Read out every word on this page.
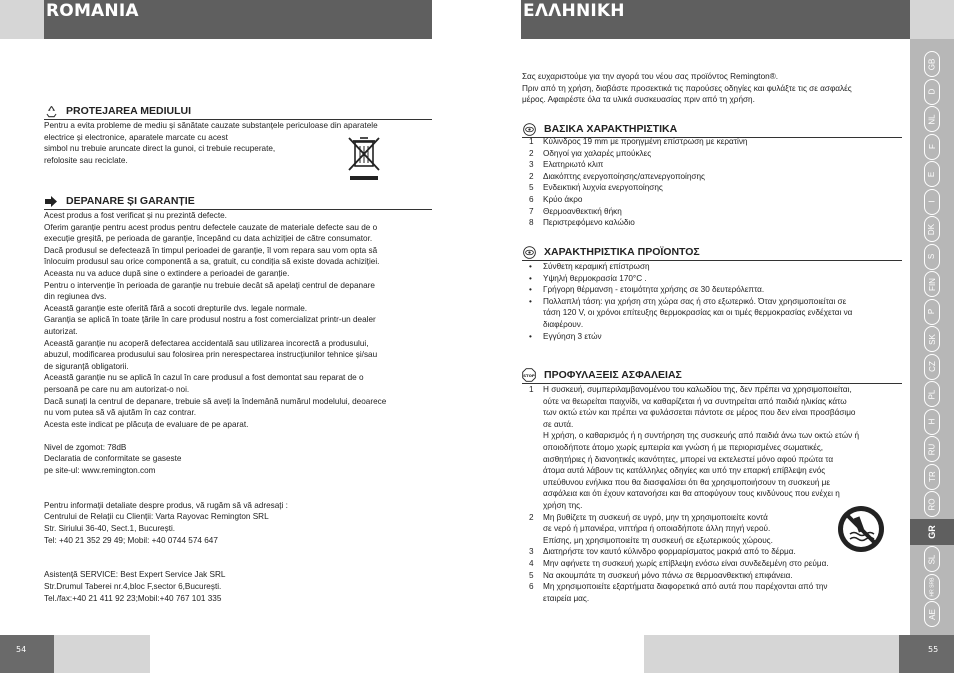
ROMANIA
PROTEJAREA MEDIULUI

Pentru a evita probleme de mediu și sănătate cauzate substanțele periculoase din aparatele
electrice și electronice, aparatele marcate cu acest
simbol nu trebuie aruncate direct la gunoi, ci trebuie recuperate,
refolosite sau reciclate.

DEPANARE ȘI GARANȚIE

Acest produs a fost verificat și nu prezintă defecte.
Oferim garanție pentru acest produs pentru defectele cauzate de materiale defecte sau de o
execuție greșită, pe perioada de garanție, începând cu data achiziției de către consumator.
Dacă produsul se defectează în timpul perioadei de garanție, îl vom repara sau vom opta să
înlocuim produsul sau orice componentă a sa, gratuit, cu condiția să existe dovada achiziției.
Aceasta nu va aduce după sine o extindere a perioadei de garanție.
Pentru o intervenție în perioada de garanție nu trebuie decât să apelați centrul de depanare
din regiunea dvs.
Această garanție este oferită fără a socoti drepturile dvs. legale normale.
Garanția se aplică în toate țările în care produsul nostru a fost comercializat printr-un dealer
autorizat.
Această garanție nu acoperă defectarea accidentală sau utilizarea incorectă a produsului,
abuzul, modificarea produsului sau folosirea prin nerespectarea instrucțiunilor tehnice și/sau
de siguranță obligatorii.
Această garanție nu se aplică în cazul în care produsul a fost demontat sau reparat de o
persoană pe care nu am autorizat-o noi.
Dacă sunați la centrul de depanare, trebuie să aveți la îndemână numărul modelului, deoarece
nu vom putea să vă ajutăm în caz contrar.
Acesta este indicat pe plăcuța de evaluare de pe aparat.

Nivel de zgomot: 78dB
Declaratia de conformitate se gaseste
pe site-ul: www.remington.com

Pentru informații detaliate despre produs, vă rugăm să vă adresați :
Centrului de Relații cu Clienții: Varta Rayovac Remington SRL
Str. Siriului 36-40, Sect.1, București.
Tel: +40 21 352 29 49; Mobil: +40 0744 574 647

Asistență SERVICE: Best Expert Service Jak SRL
Str.Drumul Taberei nr.4,bloc F,sector 6,București.
Tel./fax:+40 21 411 92 23;Mobil:+40 767 101 335

54
ΕΛΛΗΝΙΚΗ

Σας ευχαριστούμε για την αγορά του νέου σας προϊόντος Remington®.
Πριν από τη χρήση, διαβάστε προσεκτικά τις παρούσες οδηγίες και φυλάξτε τις σε ασφαλές
μέρος. Αφαιρέστε όλα τα υλικά συσκευασίας πριν από τη χρήση.

ΒΑΣΙΚΑ ΧΑΡΑΚΤΗΡΙΣΤΙΚΑ
1	Κύλινδρος 19 mm με προηγμένη επίστρωση με κερατίνη
2	Οδηγοί για χαλαρές μπούκλες
3	Ελατηριωτό κλιπ
2	Διακόπτης ενεργοποίησης/απενεργοποίησης
5	Ενδεικτική λυχνία ενεργοποίησης
6	Κρύο άκρο
7	Θερμοανθεκτική θήκη
8	Περιστρεφόμενο καλώδιο
ΧΑΡΑΚΤΗΡΙΣΤΙΚΑ ΠΡΟΪΟΝΤΟΣ
•	Σύνθετη κεραμική επίστρωση
•	Υψηλή θερμοκρασία 170°C .
•	Γρήγορη θέρμανση - ετοιμότητα χρήσης σε 30 δευτερόλεπτα.
•	Πολλαπλή τάση: για χρήση στη χώρα σας ή στο εξωτερικό. Όταν χρησιμοποιείται σε
τάση 120 V, οι χρόνοι επίτευξης θερμοκρασίας και οι τιμές θερμοκρασίας ενδέχεται να
διαφέρουν.
•	Εγγύηση 3 ετών
STOP ΠΡΟΦΥΛΑΞΕΙΣ ΑΣΦΑΛΕΙΑΣ
1	Η συσκευή, συμπεριλαμβανομένου του καλωδίου της, δεν πρέπει να χρησιμοποιείται,
ούτε να θεωρείται παιχνίδι, να καθαρίζεται ή να συντηρείται από παιδιά ηλικίας κάτω
των οκτώ ετών και πρέπει να φυλάσσεται πάντοτε σε μέρος που δεν είναι προσβάσιμο
σε αυτά.
Η χρήση, ο καθαρισμός ή η συντήρηση της συσκευής από παιδιά άνω των οκτώ ετών ή
οποιοδήποτε άτομο χωρίς εμπειρία και γνώση ή με περιορισμένες σωματικές,
αισθητήριες ή διανοητικές ικανότητες, μπορεί να εκτελεστεί μόνο αφού πρώτα τα
άτομα αυτά λάβουν τις κατάλληλες οδηγίες και υπό την επαρκή επίβλεψη ενός
υπεύθυνου ενήλικα που θα διασφαλίσει ότι θα χρησιμοποιήσουν τη συσκευή με
ασφάλεια και ότι έχουν κατανοήσει και θα αποφύγουν τους κινδύνους που ενέχει η
χρήση της.
2	Μη βυθίζετε τη συσκευή σε υγρό, μην τη χρησιμοποιείτε κοντά
σε νερό ή μπανιέρα, νιπτήρα ή οποιαδήποτε άλλη πηγή νερού.
Επίσης, μη χρησιμοποιείτε τη συσκευή σε εξωτερικούς χώρους.
3	Διατηρήστε τον καυτό κύλινδρο φορμαρίσματος μακριά από το δέρμα.
4	Μην αφήνετε τη συσκευή χωρίς επίβλεψη ενόσω είναι συνδεδεμένη στο ρεύμα.
5	Να ακουμπάτε τη συσκευή μόνο πάνω σε θερμοανθεκτική επιφάνεια.
6	Μη χρησιμοποιείτε εξαρτήματα διαφορετικά από αυτά που παρέχονται από την
εταιρεία μας.
GB
D
NL
F
E
I
DK
S
FIN
P
SK
CZ
PL
H
RU
TR
RO
GR
SL
HR SRB
AE
55
